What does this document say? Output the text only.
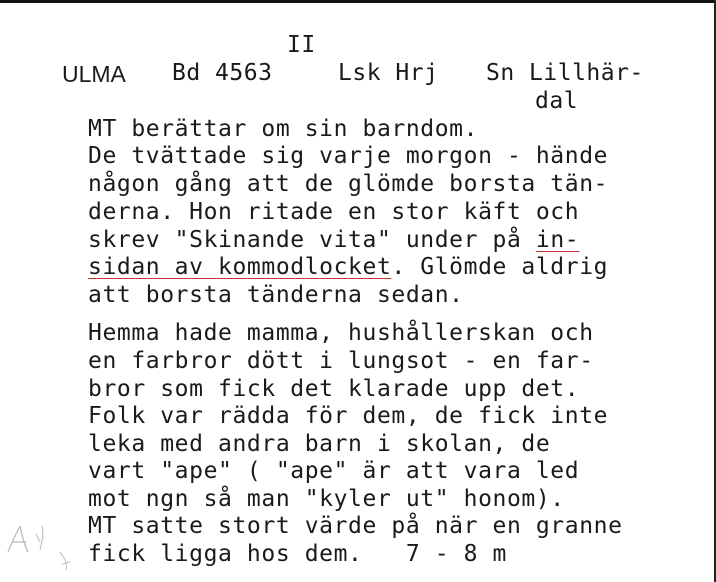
II
ULMA Bd 4563	Lsk Hrj Sn Lillhär-
dal
MT berättar om sin barndom.
De tvättade sig varje morgon - hände
någon gång att de glömde borsta tän-
derna. Hon ritade en stor käft och
skrev "Skinande vita" under på in-
sidan av kommodlocket. Glömde aldrig
att borsta tänderna sedan.
Hemma hade mamma, hushållerskan och
en farbror dött i lungsot - en far-
bror som fick det klarade upp det.
Folk var rädda för dem, de fick inte
leka med andra barn i skolan, de
vart "ape" ( "ape" är att vara led
mot ngn så man "kyler ut" honom).
MT satte stort värde på när en granne
fick ligga hos dem.   7 - 8 m
